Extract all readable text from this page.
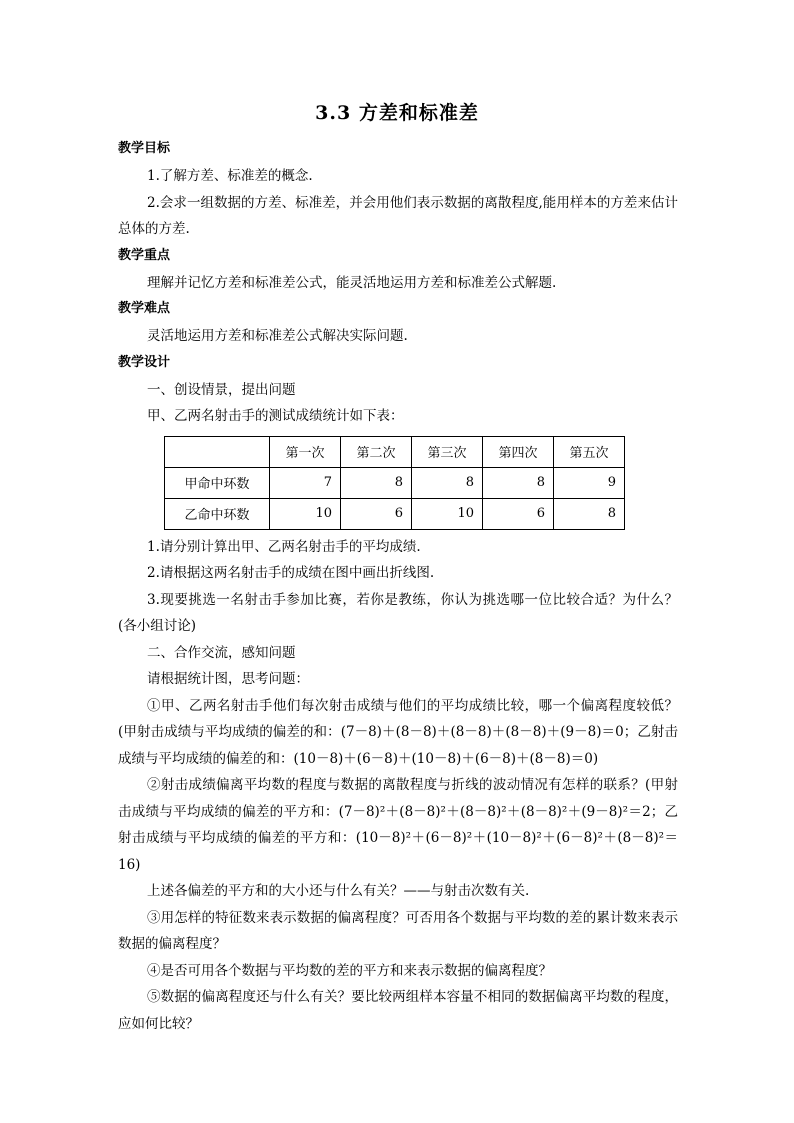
3.3 方差和标准差
教学目标

1.了解方差、标准差的概念.

2.会求一组数据的方差、标准差，并会用他们表示数据的离散程度,能用样本的方差来估计总体的方差.

教学重点

理解并记忆方差和标准差公式，能灵活地运用方差和标准差公式解题.

教学难点

灵活地运用方差和标准差公式解决实际问题.

教学设计

一、创设情景，提出问题

甲、乙两名射击手的测试成绩统计如下表：

	第一次	第二次	第三次	第四次	第五次
甲命中环数	7	8	8	8	9
乙命中环数	10	6	10	6	8

1.请分别计算出甲、乙两名射击手的平均成绩.

2.请根据这两名射击手的成绩在图中画出折线图.

3.现要挑选一名射击手参加比赛，若你是教练，你认为挑选哪一位比较合适？为什么？(各小组讨论)

二、合作交流，感知问题

请根据统计图，思考问题：

①甲、乙两名射击手他们每次射击成绩与他们的平均成绩比较，哪一个偏离程度较低？(甲射击成绩与平均成绩的偏差的和：(7－8)＋(8－8)＋(8－8)＋(8－8)＋(9－8)＝0；乙射击成绩与平均成绩的偏差的和：(10－8)＋(6－8)＋(10－8)＋(6－8)＋(8－8)＝0)

②射击成绩偏离平均数的程度与数据的离散程度与折线的波动情况有怎样的联系？(甲射击成绩与平均成绩的偏差的平方和：(7－8)²＋(8－8)²＋(8－8)²＋(8－8)²＋(9－8)²＝2；乙射击成绩与平均成绩的偏差的平方和：(10－8)²＋(6－8)²＋(10－8)²＋(6－8)²＋(8－8)²＝16)

上述各偏差的平方和的大小还与什么有关？——与射击次数有关.

③用怎样的特征数来表示数据的偏离程度？可否用各个数据与平均数的差的累计数来表示数据的偏离程度？

④是否可用各个数据与平均数的差的平方和来表示数据的偏离程度？

⑤数据的偏离程度还与什么有关？要比较两组样本容量不相同的数据偏离平均数的程度，应如何比较？
